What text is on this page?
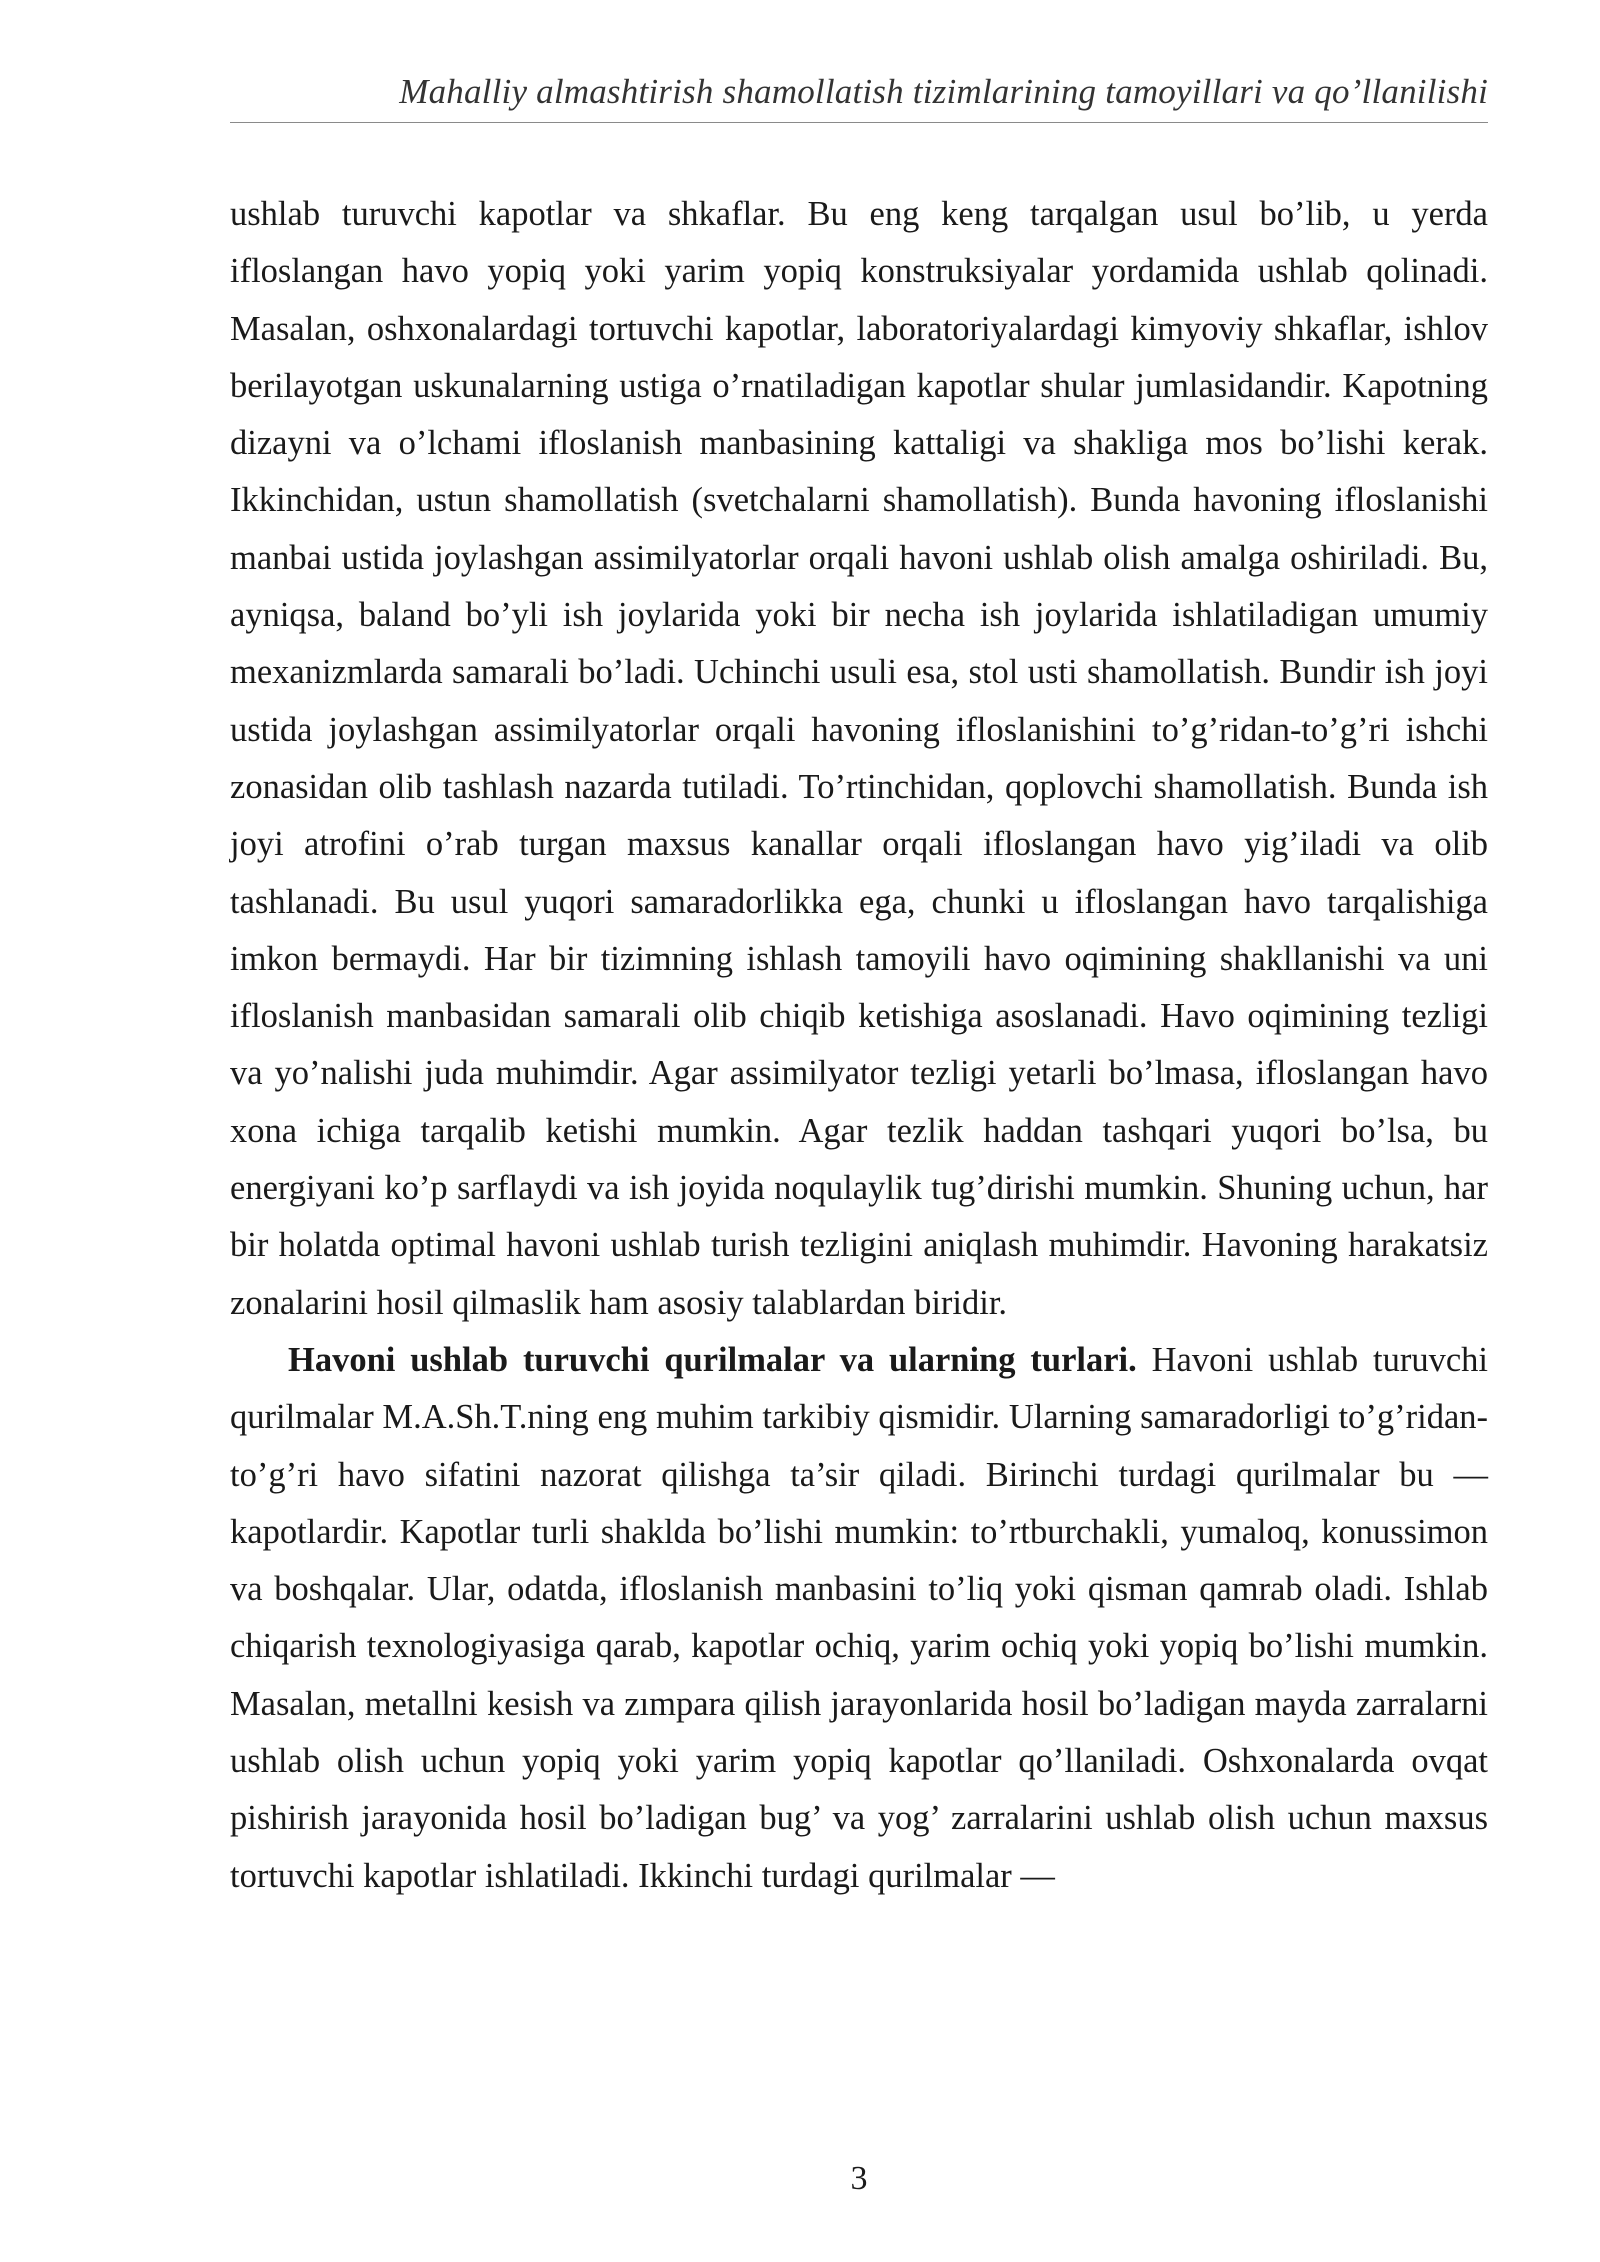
Mahalliy almashtirish shamollatish tizimlarining tamoyillari va qo’llanilishi

ushlab turuvchi kapotlar va shkaflar. Bu eng keng tarqalgan usul bo’lib, u yerda ifloslangan havo yopiq yoki yarim yopiq konstruksiyalar yordamida ushlab qolinadi. Masalan, oshxonalardagi tortuvchi kapotlar, laboratoriyalardagi kimyoviy shkaflar, ishlov berilayotgan uskunalarning ustiga o’rnatiladigan kapotlar shular jumlasidandir. Kapotning dizayni va o’lchami ifloslanish manbasining kattaligi va shakliga mos bo’lishi kerak. Ikkinchidan, ustun shamollatish (svetchalarni shamollatish). Bunda havoning ifloslanishi manbai ustida joylashgan assimilyatorlar orqali havoni ushlab olish amalga oshiriladi. Bu, ayniqsa, baland bo’yli ish joylarida yoki bir necha ish joylarida ishlatiladigan umumiy mexanizmlarda samarali bo’ladi. Uchinchi usuli esa, stol usti shamollatish. Bundir ish joyi ustida joylashgan assimilyatorlar orqali havoning ifloslanishini to’g’ridan-to’g’ri ishchi zonasidan olib tashlash nazarda tutiladi. To’rtinchidan, qoplovchi shamollatish. Bunda ish joyi atrofini o’rab turgan maxsus kanallar orqali ifloslangan havo yig’iladi va olib tashlanadi. Bu usul yuqori samaradorlikka ega, chunki u ifloslangan havo tarqalishiga imkon bermaydi. Har bir tizimning ishlash tamoyili havo oqimining shakllanishi va uni ifloslanish manbasidan samarali olib chiqib ketishiga asoslanadi. Havo oqimining tezligi va yo’nalishi juda muhimdir. Agar assimilyator tezligi yetarli bo’lmasa, ifloslangan havo xona ichiga tarqalib ketishi mumkin. Agar tezlik haddan tashqari yuqori bo’lsa, bu energiyani ko’p sarflaydi va ish joyida noqulaylik tug’dirishi mumkin. Shuning uchun, har bir holatda optimal havoni ushlab turish tezligini aniqlash muhimdir. Havoning harakatsiz zonalarini hosil qilmaslik ham asosiy talablardan biridir.

Havoni ushlab turuvchi qurilmalar va ularning turlari. Havoni ushlab turuvchi qurilmalar M.A.Sh.T.ning eng muhim tarkibiy qismidir. Ularning samaradorligi to’g’ridan-to’g’ri havo sifatini nazorat qilishga ta’sir qiladi. Birinchi turdagi qurilmalar bu — kapotlardir. Kapotlar turli shaklda bo’lishi mumkin: to’rtburchakli, yumaloq, konussimon va boshqalar. Ular, odatda, ifloslanish manbasini to’liq yoki qisman qamrab oladi. Ishlab chiqarish texnologiyasiga qarab, kapotlar ochiq, yarim ochiq yoki yopiq bo’lishi mumkin. Masalan, metallni kesish va zımpara qilish jarayonlarida hosil bo’ladigan mayda zarralarni ushlab olish uchun yopiq yoki yarim yopiq kapotlar qo’llaniladi. Oshxonalarda ovqat pishirish jarayonida hosil bo’ladigan bug’ va yog’ zarralarini ushlab olish uchun maxsus tortuvchi kapotlar ishlatiladi. Ikkinchi turdagi qurilmalar —

3
